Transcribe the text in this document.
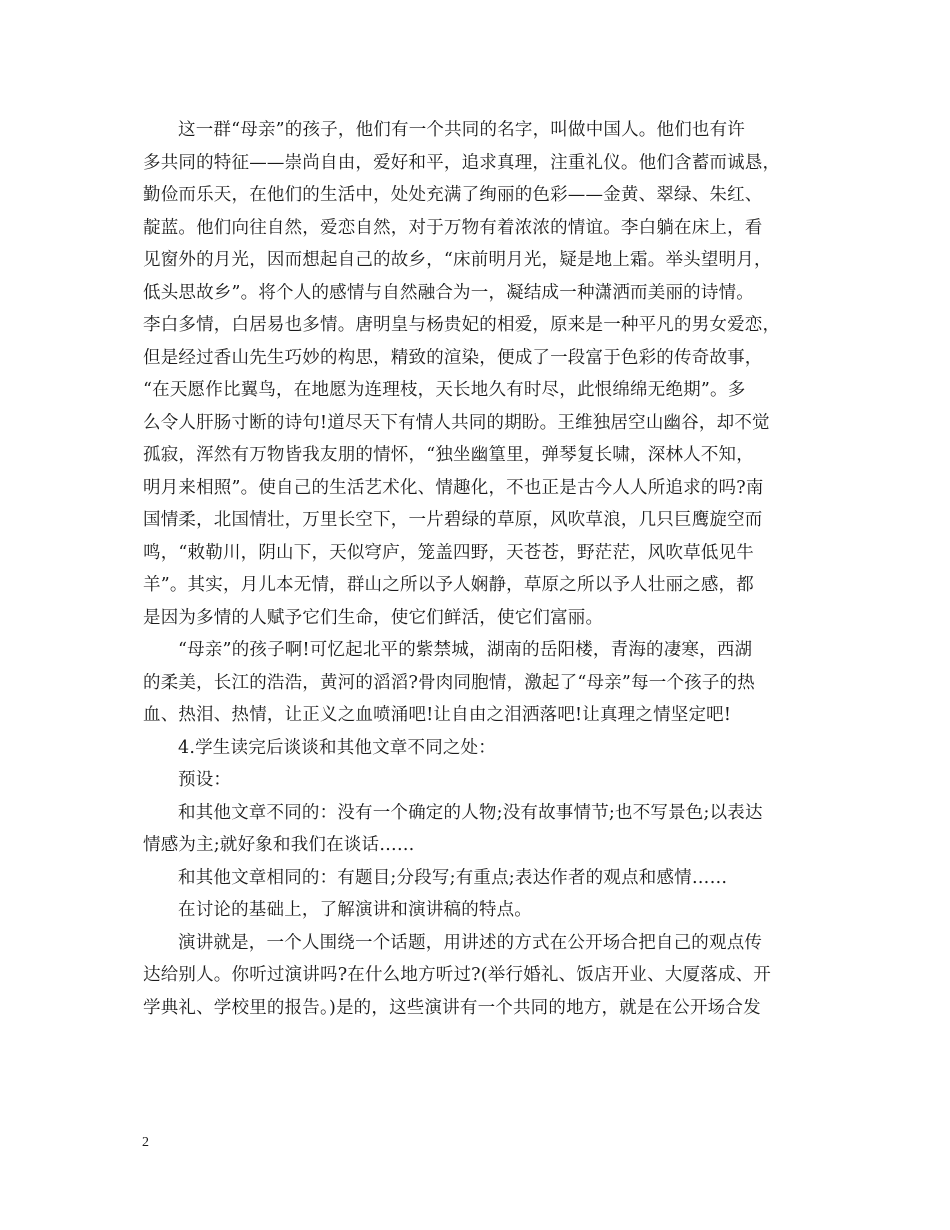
这一群“母亲”的孩子，他们有一个共同的名字，叫做中国人。他们也有许
多共同的特征——崇尚自由，爱好和平，追求真理，注重礼仪。他们含蓄而诚恳，
勤俭而乐天，在他们的生活中，处处充满了绚丽的色彩——金黄、翠绿、朱红、
靛蓝。他们向往自然，爱恋自然，对于万物有着浓浓的情谊。李白躺在床上，看
见窗外的月光，因而想起自己的故乡，“床前明月光，疑是地上霜。举头望明月，
低头思故乡”。将个人的感情与自然融合为一，凝结成一种潇洒而美丽的诗情。
李白多情，白居易也多情。唐明皇与杨贵妃的相爱，原来是一种平凡的男女爱恋，
但是经过香山先生巧妙的构思，精致的渲染，便成了一段富于色彩的传奇故事，
“在天愿作比翼鸟，在地愿为连理枝，天长地久有时尽，此恨绵绵无绝期”。多
么令人肝肠寸断的诗句!道尽天下有情人共同的期盼。王维独居空山幽谷，却不觉
孤寂，浑然有万物皆我友朋的情怀，“独坐幽篁里，弹琴复长啸，深林人不知，
明月来相照”。使自己的生活艺术化、情趣化，不也正是古今人人所追求的吗?南
国情柔，北国情壮，万里长空下，一片碧绿的草原，风吹草浪，几只巨鹰旋空而
鸣，“敕勒川，阴山下，天似穹庐，笼盖四野，天苍苍，野茫茫，风吹草低见牛
羊”。其实，月儿本无情，群山之所以予人娴静，草原之所以予人壮丽之感，都
是因为多情的人赋予它们生命，使它们鲜活，使它们富丽。
“母亲”的孩子啊!可忆起北平的紫禁城，湖南的岳阳楼，青海的凄寒，西湖
的柔美，长江的浩浩，黄河的滔滔?骨肉同胞情，激起了“母亲”每一个孩子的热
血、热泪、热情，让正义之血喷涌吧!让自由之泪洒落吧!让真理之情坚定吧!
4.学生读完后谈谈和其他文章不同之处：
预设：
和其他文章不同的：没有一个确定的人物;没有故事情节;也不写景色;以表达
情感为主;就好象和我们在谈话……
和其他文章相同的：有题目;分段写;有重点;表达作者的观点和感情……
在讨论的基础上，了解演讲和演讲稿的特点。
演讲就是，一个人围绕一个话题，用讲述的方式在公开场合把自己的观点传
达给别人。你听过演讲吗?在什么地方听过?(举行婚礼、饭店开业、大厦落成、开
学典礼、学校里的报告。)是的，这些演讲有一个共同的地方，就是在公开场合发
2
